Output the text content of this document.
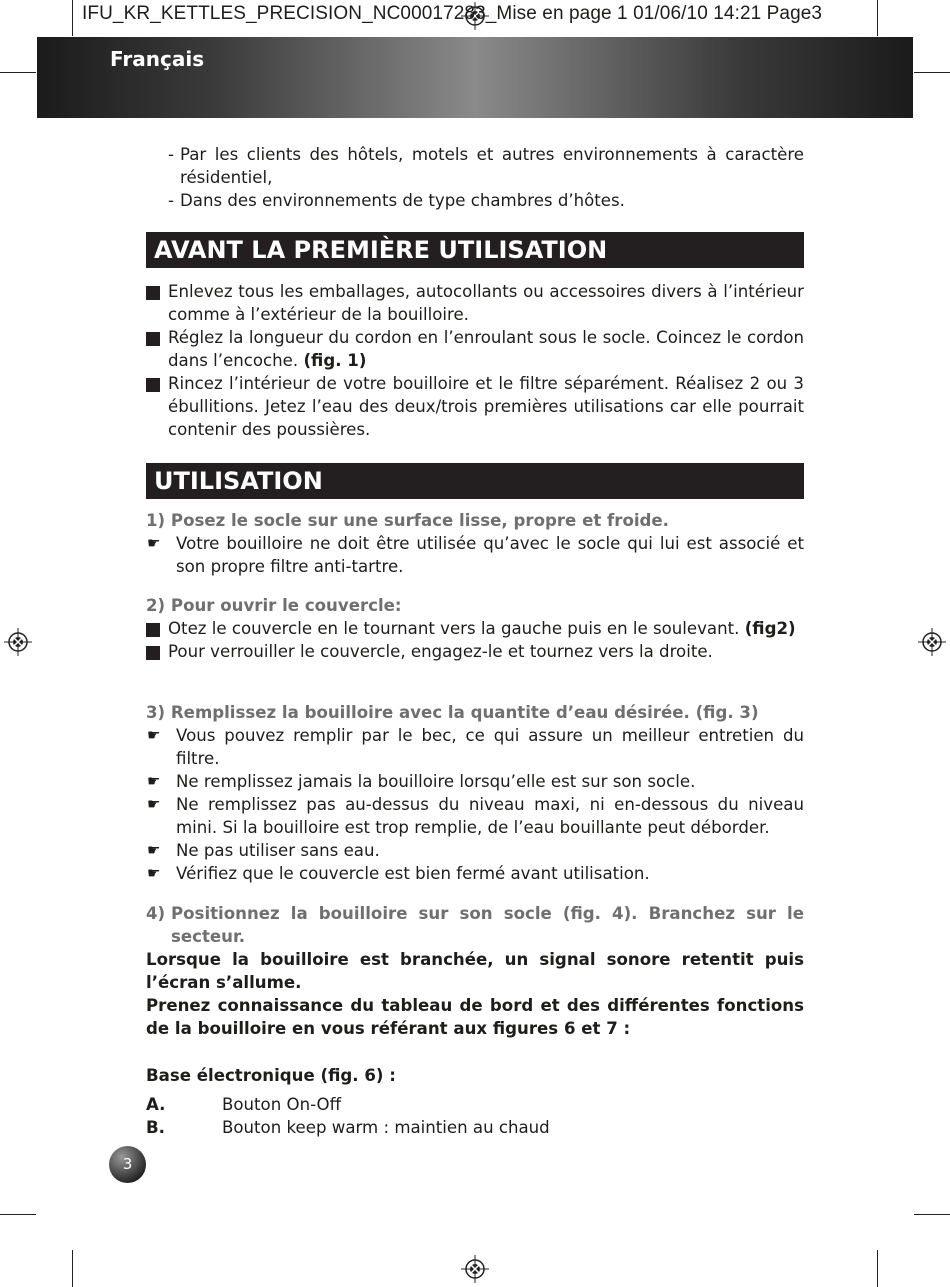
IFU_KR_KETTLES_PRECISION_NC00017283_Mise en page 1 01/06/10 14:21 Page3
Français
- Par les clients des hôtels, motels et autres environnements à caractère résidentiel,
- Dans des environnements de type chambres d’hôtes.
AVANT LA PREMIÈRE UTILISATION
Enlevez tous les emballages, autocollants ou accessoires divers à l’intérieur comme à l’extérieur de la bouilloire.
Réglez la longueur du cordon en l’enroulant sous le socle. Coincez le cordon dans l’encoche. (fig. 1)
Rincez l’intérieur de votre bouilloire et le filtre séparément. Réalisez 2 ou 3 ébullitions. Jetez l’eau des deux/trois premières utilisations car elle pourrait contenir des poussières.
UTILISATION
1) Posez le socle sur une surface lisse, propre et froide.
☛ Votre bouilloire ne doit être utilisée qu’avec le socle qui lui est associé et son propre filtre anti-tartre.
2) Pour ouvrir le couvercle:
Otez le couvercle en le tournant vers la gauche puis en le soulevant. (fig2)
Pour verrouiller le couvercle, engagez-le et tournez vers la droite.
3) Remplissez la bouilloire avec la quantite d’eau désirée. (fig. 3)
☛ Vous pouvez remplir par le bec, ce qui assure un meilleur entretien du filtre.
☛ Ne remplissez jamais la bouilloire lorsqu’elle est sur son socle.
☛ Ne remplissez pas au-dessus du niveau maxi, ni en-dessous du niveau mini. Si la bouilloire est trop remplie, de l’eau bouillante peut déborder.
☛ Ne pas utiliser sans eau.
☛ Vérifiez que le couvercle est bien fermé avant utilisation.
4) Positionnez la bouilloire sur son socle (fig. 4). Branchez sur le secteur.
Lorsque la bouilloire est branchée, un signal sonore retentit puis l’écran s’allume.
Prenez connaissance du tableau de bord et des différentes fonctions de la bouilloire en vous référant aux figures 6 et 7 :
Base électronique (fig. 6) :
A.	Bouton On-Off
B.	Bouton keep warm : maintien au chaud
3
